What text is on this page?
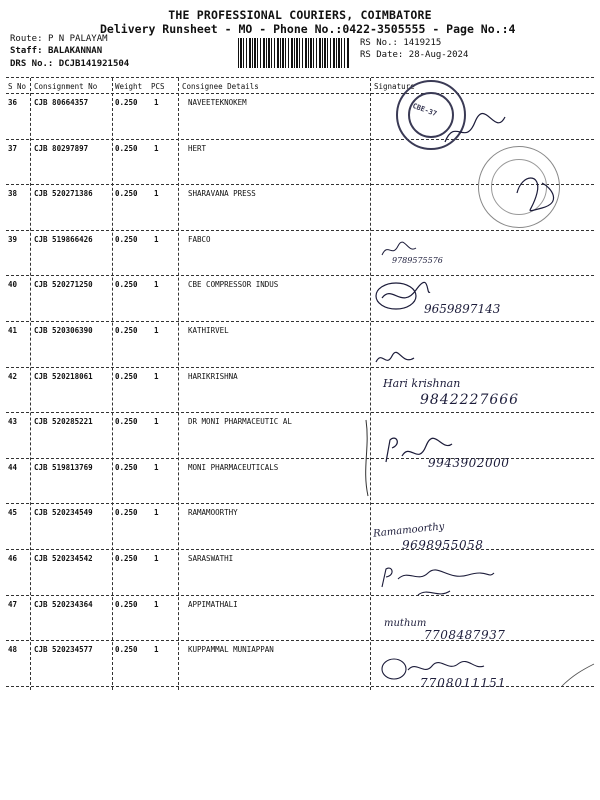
THE PROFESSIONAL COURIERS, COIMBATORE
Delivery Runsheet - MO - Phone No.:0422-3505555 - Page No.:4
Route: P N PALAYAM
Staff: BALAKANNAN
DRS No.: DCJB141921504
RS No.: 1419215
RS Date: 28-Aug-2024
S No Consignment No Weight PCS Consignee Details	Signature
36 CJB 80664357	0.250 1	NAVEETEKNOKEM
37 CJB 80297897	0.250 1	HERT
38 CJB 520271386	0.250 1	SHARAVANA PRESS
39 CJB 519866426	0.250 1	FABCO
40 CJB 520271250	0.250 1	CBE COMPRESSOR INDUS
41 CJB 520306390	0.250 1	KATHIRVEL
42 CJB 520218061	0.250 1	HARIKRISHNA
43 CJB 520285221	0.250 1	DR MONI PHARMACEUTIC AL
44 CJB 519813769	0.250 1	MONI PHARMACEUTICALS
45 CJB 520234549	0.250 1	RAMAMOORTHY
46 CJB 520234542	0.250 1	SARASWATHI
47 CJB 520234364	0.250 1	APPIMATHALI
48 CJB 520234577	0.250 1	KUPPAMMAL MUNIAPPAN
CBE-37
9789575576
9659897143
Hari krishnan
9842227666
9943902000
Ramamoorthy
9698955058
muthum
7708487937
7708011151
